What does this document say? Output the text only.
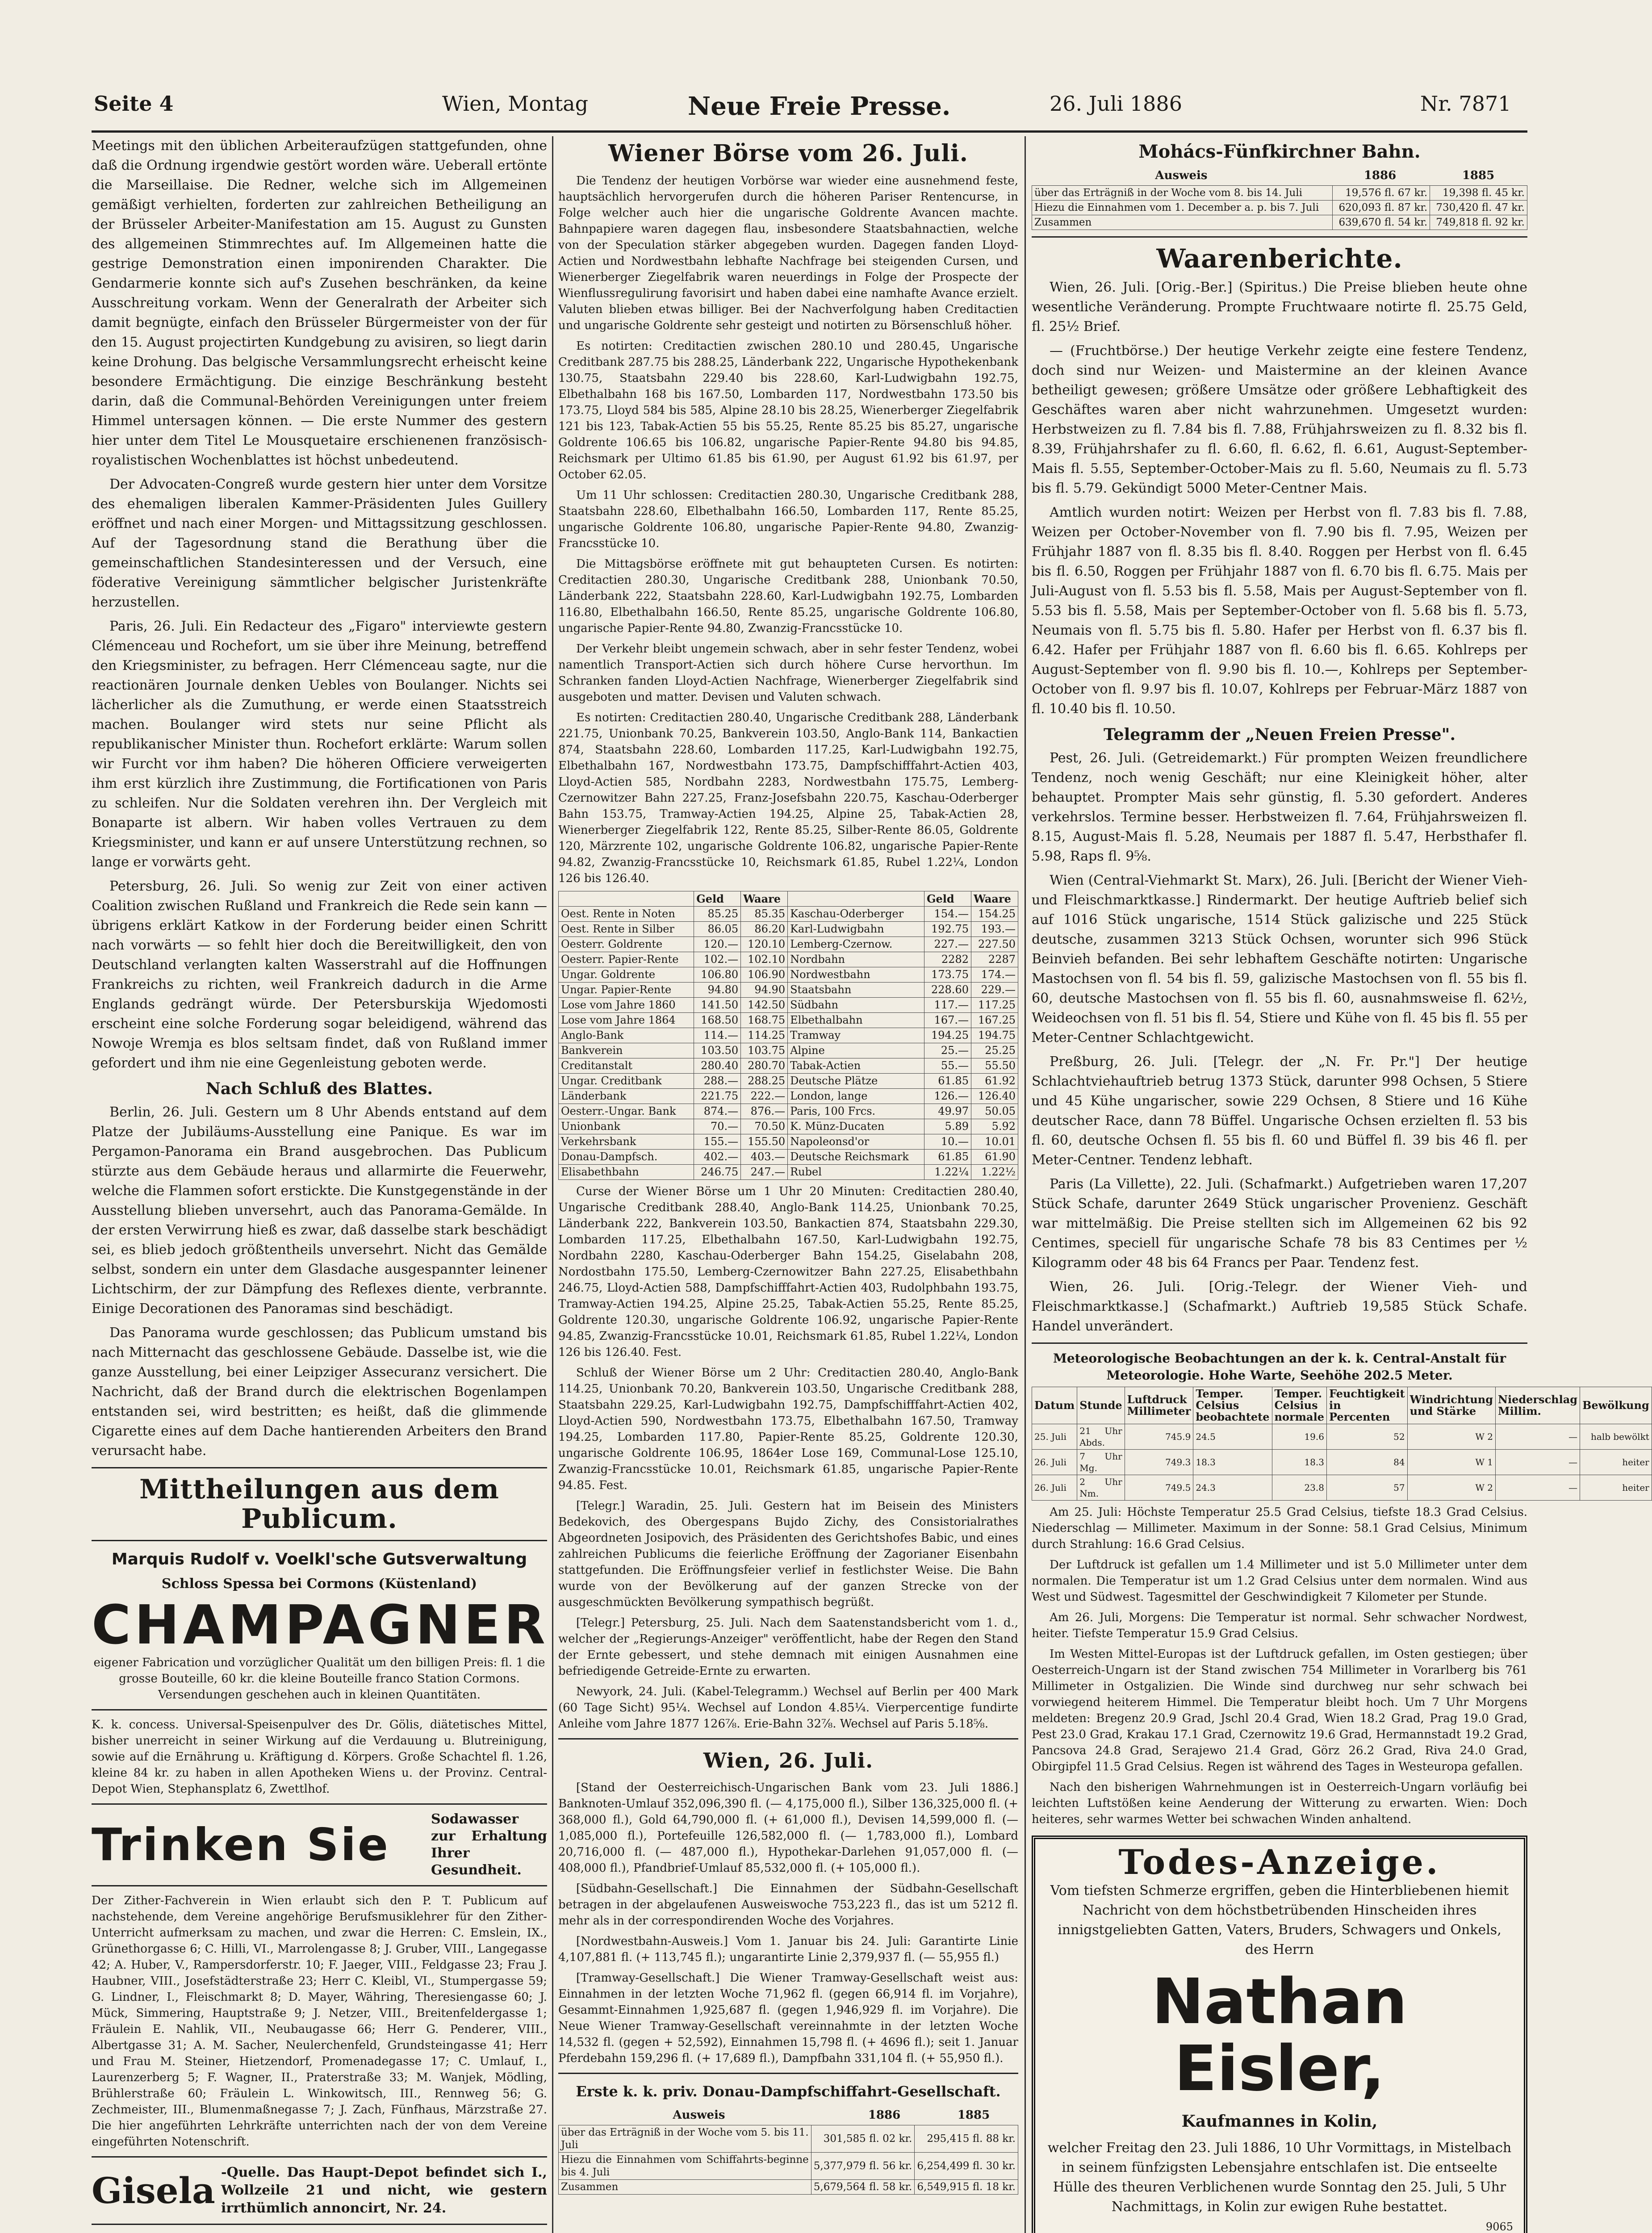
Seite 4	Wien, Montag	Neue Freie Presse.	26. Juli 1886	Nr. 7871

Meetings mit den üblichen Arbeiteraufzügen stattgefunden, ohne daß die Ordnung irgendwie gestört worden wäre. Ueberall ertönte die Marseillaise. Die Redner, welche sich im Allgemeinen gemäßigt verhielten, forderten zur zahlreichen Betheiligung an der Brüsseler Arbeiter-Manifestation am 15. August zu Gunsten des allgemeinen Stimmrechtes auf. Im Allgemeinen hatte die gestrige Demonstration einen imponirenden Charakter. Die Gendarmerie konnte sich auf's Zusehen beschränken, da keine Ausschreitung vorkam. Wenn der Generalrath der Arbeiter sich damit begnügte, einfach den Brüsseler Bürgermeister von der für den 15. August projectirten Kundgebung zu avisiren, so liegt darin keine Drohung. Das belgische Versammlungsrecht erheischt keine besondere Ermächtigung. Die einzige Beschränkung besteht darin, daß die Communal-Behörden Vereinigungen unter freiem Himmel untersagen können. — Die erste Nummer des gestern hier unter dem Titel Le Mousquetaire erschienenen französisch-royalistischen Wochenblattes ist höchst unbedeutend.

Der Advocaten-Congreß wurde gestern hier unter dem Vorsitze des ehemaligen liberalen Kammer-Präsidenten Jules Guillery eröffnet und nach einer Morgen- und Mittagssitzung geschlossen. Auf der Tagesordnung stand die Berathung über die gemeinschaftlichen Standesinteressen und der Versuch, eine föderative Vereinigung sämmtlicher belgischer Juristenkräfte herzustellen.

Paris, 26. Juli. Ein Redacteur des „Figaro" interviewte gestern Clémenceau und Rochefort, um sie über ihre Meinung, betreffend den Kriegsminister, zu befragen. Herr Clémenceau sagte, nur die reactionären Journale denken Uebles von Boulanger. Nichts sei lächerlicher als die Zumuthung, er werde einen Staatsstreich machen. Boulanger wird stets nur seine Pflicht als republikanischer Minister thun. Rochefort erklärte: Warum sollen wir Furcht vor ihm haben? Die höheren Officiere verweigerten ihm erst kürzlich ihre Zustimmung, die Fortificationen von Paris zu schleifen. Nur die Soldaten verehren ihn. Der Vergleich mit Bonaparte ist albern. Wir haben volles Vertrauen zu dem Kriegsminister, und kann er auf unsere Unterstützung rechnen, so lange er vorwärts geht.

Petersburg, 26. Juli. So wenig zur Zeit von einer activen Coalition zwischen Rußland und Frankreich die Rede sein kann — übrigens erklärt Katkow in der Forderung beider einen Schritt nach vorwärts — so fehlt hier doch die Bereitwilligkeit, den von Deutschland verlangten kalten Wasserstrahl auf die Hoffnungen Frankreichs zu richten, weil Frankreich dadurch in die Arme Englands gedrängt würde. Der Petersburskija Wjedomosti erscheint eine solche Forderung sogar beleidigend, während das Nowoje Wremja es blos seltsam findet, daß von Rußland immer gefordert und ihm nie eine Gegenleistung geboten werde.

Nach Schluß des Blattes.

Berlin, 26. Juli. Gestern um 8 Uhr Abends entstand auf dem Platze der Jubiläums-Ausstellung eine Panique. Es war im Pergamon-Panorama ein Brand ausgebrochen. Das Publicum stürzte aus dem Gebäude heraus und allarmirte die Feuerwehr, welche die Flammen sofort erstickte. Die Kunstgegenstände in der Ausstellung blieben unversehrt, auch das Panorama-Gemälde. In der ersten Verwirrung hieß es zwar, daß dasselbe stark beschädigt sei, es blieb jedoch größtentheils unversehrt. Nicht das Gemälde selbst, sondern ein unter dem Glasdache ausgespannter leinener Lichtschirm, der zur Dämpfung des Reflexes diente, verbrannte. Einige Decorationen des Panoramas sind beschädigt.

Das Panorama wurde geschlossen; das Publicum umstand bis nach Mitternacht das geschlossene Gebäude. Dasselbe ist, wie die ganze Ausstellung, bei einer Leipziger Assecuranz versichert. Die Nachricht, daß der Brand durch die elektrischen Bogenlampen entstanden sei, wird bestritten; es heißt, daß die glimmende Cigarette eines auf dem Dache hantierenden Arbeiters den Brand verursacht habe.

Mittheilungen aus dem Publicum.
Marquis Rudolf v. Voelkl'sche Gutsverwaltung
Schloss Spessa bei Cormons (Küstenland)
CHAMPAGNER
eigener Fabrication und vorzüglicher Qualität um den billigen Preis: fl. 1 die grosse Bouteille, 60 kr. die kleine Bouteille franco Station Cormons. Versendungen geschehen auch in kleinen Quantitäten.
K. k. concess. Universal-Speisenpulver des Dr. Gölis, diätetisches Mittel, bisher unerreicht in seiner Wirkung auf die Verdauung u. Blutreinigung, sowie auf die Ernährung u. Kräftigung d. Körpers. Große Schachtel fl. 1.26, kleine 84 kr. zu haben in allen Apotheken Wiens u. der Provinz. Central-Depot Wien, Stephansplatz 6, Zwettlhof.
Trinken Sie	Sodawasser zur Erhaltung Ihrer Gesundheit.
Der Zither-Fachverein in Wien erlaubt sich den P. T. Publicum auf nachstehende, dem Vereine angehörige Berufsmusiklehrer für den Zither-Unterricht aufmerksam zu machen, und zwar die Herren: C. Emslein, IX., Grünethorgasse 6; C. Hilli, VI., Marrolengasse 8; J. Gruber, VIII., Langegasse 42; A. Huber, V., Rampersdorferstr. 10; F. Jaeger, VIII., Feldgasse 23; Frau J. Haubner, VIII., Josefstädterstraße 23; Herr C. Kleibl, VI., Stumpergasse 59; G. Lindner, I., Fleischmarkt 8; D. Mayer, Währing, Theresiengasse 60; J. Mück, Simmering, Hauptstraße 9; J. Netzer, VIII., Breitenfeldergasse 1; Fräulein E. Nahlik, VII., Neubaugasse 66; Herr G. Penderer, VIII., Albertgasse 31; A. M. Sacher, Neulerchenfeld, Grundsteingasse 41; Herr und Frau M. Steiner, Hietzendorf, Promenadegasse 17; C. Umlauf, I., Laurenzerberg 5; F. Wagner, II., Praterstraße 33; M. Wanjek, Mödling, Brühlerstraße 60; Fräulein L. Winkowitsch, III., Rennweg 56; G. Zechmeister, III., Blumenmaßnegasse 7; J. Zach, Fünfhaus, Märzstraße 27. Die hier angeführten Lehrkräfte unterrichten nach der von dem Vereine eingeführten Notenschrift.
Gisela -Quelle. Das Haupt-Depot befindet sich I., Wollzeile 21 und nicht, wie gestern irrthümlich annoncirt, Nr. 24.
Wiener Börse vom 26. Juli.

Die Tendenz der heutigen Vorbörse war wieder eine ausnehmend feste, hauptsächlich hervorgerufen durch die höheren Pariser Rentencurse, in Folge welcher auch hier die ungarische Goldrente Avancen machte. Bahnpapiere waren dagegen flau, insbesondere Staatsbahnactien, welche von der Speculation stärker abgegeben wurden. Dagegen fanden Lloyd-Actien und Nordwestbahn lebhafte Nachfrage bei steigenden Cursen, und Wienerberger Ziegelfabrik waren neuerdings in Folge der Prospecte der Wienflussregulirung favorisirt und haben dabei eine namhafte Avance erzielt. Valuten blieben etwas billiger. Bei der Nachverfolgung haben Creditactien und ungarische Goldrente sehr gesteigt und notirten zu Börsenschluß höher.

Es notirten: Creditactien zwischen 280.10 und 280.45, Ungarische Creditbank 287.75 bis 288.25, Länderbank 222, Ungarische Hypothekenbank 130.75, Staatsbahn 229.40 bis 228.60, Karl-Ludwigbahn 192.75, Elbethalbahn 168 bis 167.50, Lombarden 117, Nordwestbahn 173.50 bis 173.75, Lloyd 584 bis 585, Alpine 28.10 bis 28.25, Wienerberger Ziegelfabrik 121 bis 123, Tabak-Actien 55 bis 55.25, Rente 85.25 bis 85.27, ungarische Goldrente 106.65 bis 106.82, ungarische Papier-Rente 94.80 bis 94.85, Reichsmark per Ultimo 61.85 bis 61.90, per August 61.92 bis 61.97, per October 62.05.

Um 11 Uhr schlossen: Creditactien 280.30, Ungarische Creditbank 288, Staatsbahn 228.60, Elbethalbahn 166.50, Lombarden 117, Rente 85.25, ungarische Goldrente 106.80, ungarische Papier-Rente 94.80, Zwanzig-Francsstücke 10.

Die Mittagsbörse eröffnete mit gut behaupteten Cursen. Es notirten: Creditactien 280.30, Ungarische Creditbank 288, Unionbank 70.50, Länderbank 222, Staatsbahn 228.60, Karl-Ludwigbahn 192.75, Lombarden 116.80, Elbethalbahn 166.50, Rente 85.25, ungarische Goldrente 106.80, ungarische Papier-Rente 94.80, Zwanzig-Francsstücke 10.

Der Verkehr bleibt ungemein schwach, aber in sehr fester Tendenz, wobei namentlich Transport-Actien sich durch höhere Curse hervorthun. Im Schranken fanden Lloyd-Actien Nachfrage, Wienerberger Ziegelfabrik sind ausgeboten und matter. Devisen und Valuten schwach.

Es notirten: Creditactien 280.40, Ungarische Creditbank 288, Länderbank 221.75, Unionbank 70.25, Bankverein 103.50, Anglo-Bank 114, Bankactien 874, Staatsbahn 228.60, Lombarden 117.25, Karl-Ludwigbahn 192.75, Elbethalbahn 167, Nordwestbahn 173.75, Dampfschifffahrt-Actien 403, Lloyd-Actien 585, Nordbahn 2283, Nordwestbahn 175.75, Lemberg-Czernowitzer Bahn 227.25, Franz-Josefsbahn 220.75, Kaschau-Oderberger Bahn 153.75, Tramway-Actien 194.25, Alpine 25, Tabak-Actien 28, Wienerberger Ziegelfabrik 122, Rente 85.25, Silber-Rente 86.05, Goldrente 120, Märzrente 102, ungarische Goldrente 106.82, ungarische Papier-Rente 94.82, Zwanzig-Francsstücke 10, Reichsmark 61.85, Rubel 1.22¼, London 126 bis 126.40.

	Geld	Waare		Geld	Waare
Oest. Rente in Noten	85.25	85.35	Kaschau-Oderberger	154.—	154.25
Oest. Rente in Silber	86.05	86.20	Karl-Ludwigbahn	192.75	193.—
Oesterr. Goldrente	120.—	120.10	Lemberg-Czernow.	227.—	227.50
Oesterr. Papier-Rente	102.—	102.10	Nordbahn	2282	2287
Ungar. Goldrente	106.80	106.90	Nordwestbahn	173.75	174.—
Ungar. Papier-Rente	94.80	94.90	Staatsbahn	228.60	229.—
Lose vom Jahre 1860	141.50	142.50	Südbahn	117.—	117.25
Lose vom Jahre 1864	168.50	168.75	Elbethalbahn	167.—	167.25
Anglo-Bank	114.—	114.25	Tramway	194.25	194.75
Bankverein	103.50	103.75	Alpine	25.—	25.25
Creditanstalt	280.40	280.70	Tabak-Actien	55.—	55.50
Ungar. Creditbank	288.—	288.25	Deutsche Plätze	61.85	61.92
Länderbank	221.75	222.—	London, lange	126.—	126.40
Oesterr.-Ungar. Bank	874.—	876.—	Paris, 100 Frcs.	49.97	50.05
Unionbank	70.—	70.50	K. Münz-Ducaten	5.89	5.92
Verkehrsbank	155.—	155.50	Napoleonsd'or	10.—	10.01
Donau-Dampfsch.	402.—	403.—	Deutsche Reichsmark	61.85	61.90
Elisabethbahn	246.75	247.—	Rubel	1.22¼	1.22½

Curse der Wiener Börse um 1 Uhr 20 Minuten: Creditactien 280.40, Ungarische Creditbank 288.40, Anglo-Bank 114.25, Unionbank 70.25, Länderbank 222, Bankverein 103.50, Bankactien 874, Staatsbahn 229.30, Lombarden 117.25, Elbethalbahn 167.50, Karl-Ludwigbahn 192.75, Nordbahn 2280, Kaschau-Oderberger Bahn 154.25, Giselabahn 208, Nordostbahn 175.50, Lemberg-Czernowitzer Bahn 227.25, Elisabethbahn 246.75, Lloyd-Actien 588, Dampfschifffahrt-Actien 403, Rudolphbahn 193.75, Tramway-Actien 194.25, Alpine 25.25, Tabak-Actien 55.25, Rente 85.25, Goldrente 120.30, ungarische Goldrente 106.92, ungarische Papier-Rente 94.85, Zwanzig-Francsstücke 10.01, Reichsmark 61.85, Rubel 1.22¼, London 126 bis 126.40. Fest.

Schluß der Wiener Börse um 2 Uhr: Creditactien 280.40, Anglo-Bank 114.25, Unionbank 70.20, Bankverein 103.50, Ungarische Creditbank 288, Staatsbahn 229.25, Karl-Ludwigbahn 192.75, Dampfschifffahrt-Actien 402, Lloyd-Actien 590, Nordwestbahn 173.75, Elbethalbahn 167.50, Tramway 194.25, Lombarden 117.80, Papier-Rente 85.25, Goldrente 120.30, ungarische Goldrente 106.95, 1864er Lose 169, Communal-Lose 125.10, Zwanzig-Francsstücke 10.01, Reichsmark 61.85, ungarische Papier-Rente 94.85. Fest.

[Telegr.] Waradin, 25. Juli. Gestern hat im Beisein des Ministers Bedekovich, des Obergespans Bujdo Zichy, des Consistorialrathes Abgeordneten Josipovich, des Präsidenten des Gerichtshofes Babic, und eines zahlreichen Publicums die feierliche Eröffnung der Zagorianer Eisenbahn stattgefunden. Die Eröffnungsfeier verlief in festlichster Weise. Die Bahn wurde von der Bevölkerung auf der ganzen Strecke von der ausgeschmückten Bevölkerung sympathisch begrüßt.

[Telegr.] Petersburg, 25. Juli. Nach dem Saatenstandsbericht vom 1. d., welcher der „Regierungs-Anzeiger" veröffentlicht, habe der Regen den Stand der Ernte gebessert, und stehe demnach mit einigen Ausnahmen eine befriedigende Getreide-Ernte zu erwarten.

Newyork, 24. Juli. (Kabel-Telegramm.) Wechsel auf Berlin per 400 Mark (60 Tage Sicht) 95¼. Wechsel auf London 4.85¼. Vierpercentige fundirte Anleihe vom Jahre 1877 126⅞. Erie-Bahn 32⅞. Wechsel auf Paris 5.18⅝.

Wien, 26. Juli.

[Stand der Oesterreichisch-Ungarischen Bank vom 23. Juli 1886.] Banknoten-Umlauf 352,096,390 fl. (— 4,175,000 fl.), Silber 136,325,000 fl. (+ 368,000 fl.), Gold 64,790,000 fl. (+ 61,000 fl.), Devisen 14,599,000 fl. (— 1,085,000 fl.), Portefeuille 126,582,000 fl. (— 1,783,000 fl.), Lombard 20,716,000 fl. (— 487,000 fl.), Hypothekar-Darlehen 91,057,000 fl. (— 408,000 fl.), Pfandbrief-Umlauf 85,532,000 fl. (+ 105,000 fl.).

[Südbahn-Gesellschaft.] Die Einnahmen der Südbahn-Gesellschaft betragen in der abgelaufenen Ausweiswoche 753,223 fl., das ist um 5212 fl. mehr als in der correspondirenden Woche des Vorjahres.

[Nordwestbahn-Ausweis.] Vom 1. Januar bis 24. Juli: Garantirte Linie 4,107,881 fl. (+ 113,745 fl.); ungarantirte Linie 2,379,937 fl. (— 55,955 fl.)

[Tramway-Gesellschaft.] Die Wiener Tramway-Gesellschaft weist aus: Einnahmen in der letzten Woche 71,962 fl. (gegen 66,914 fl. im Vorjahre), Gesammt-Einnahmen 1,925,687 fl. (gegen 1,946,929 fl. im Vorjahre). Die Neue Wiener Tramway-Gesellschaft vereinnahmte in der letzten Woche 14,532 fl. (gegen + 52,592), Einnahmen 15,798 fl. (+ 4696 fl.); seit 1. Januar Pferdebahn 159,296 fl. (+ 17,689 fl.), Dampfbahn 331,104 fl. (+ 55,950 fl.).

Erste k. k. priv. Donau-Dampfschiffahrt-Gesellschaft.
Ausweis	1886	1885
über das Erträgniß in der Woche vom 5. bis 11. Juli	301,585 fl. 02 kr.	295,415 fl. 88 kr.
Hiezu die Einnahmen vom Schiffahrts-beginne bis 4. Juli	5,377,979 fl. 56 kr.	6,254,499 fl. 30 kr.
Zusammen	5,679,564 fl. 58 kr.	6,549,915 fl. 18 kr.
Mohács-Fünfkirchner Bahn.
Ausweis	1886	1885
über das Erträgniß in der Woche vom 8. bis 14. Juli	19,576 fl. 67 kr.	19,398 fl. 45 kr.
Hiezu die Einnahmen vom 1. December a. p. bis 7. Juli	620,093 fl. 87 kr.	730,420 fl. 47 kr.
Zusammen	639,670 fl. 54 kr.	749,818 fl. 92 kr.
Waarenberichte.

Wien, 26. Juli. [Orig.-Ber.] (Spiritus.) Die Preise blieben heute ohne wesentliche Veränderung. Prompte Fruchtwaare notirte fl. 25.75 Geld, fl. 25½ Brief.

— (Fruchtbörse.) Der heutige Verkehr zeigte eine festere Tendenz, doch sind nur Weizen- und Maistermine an der kleinen Avance betheiligt gewesen; größere Umsätze oder größere Lebhaftigkeit des Geschäftes waren aber nicht wahrzunehmen. Umgesetzt wurden: Herbstweizen zu fl. 7.84 bis fl. 7.88, Frühjahrsweizen zu fl. 8.32 bis fl. 8.39, Frühjahrshafer zu fl. 6.60, fl. 6.62, fl. 6.61, August-September-Mais fl. 5.55, September-October-Mais zu fl. 5.60, Neumais zu fl. 5.73 bis fl. 5.79. Gekündigt 5000 Meter-Centner Mais.

Amtlich wurden notirt: Weizen per Herbst von fl. 7.83 bis fl. 7.88, Weizen per October-November von fl. 7.90 bis fl. 7.95, Weizen per Frühjahr 1887 von fl. 8.35 bis fl. 8.40. Roggen per Herbst von fl. 6.45 bis fl. 6.50, Roggen per Frühjahr 1887 von fl. 6.70 bis fl. 6.75. Mais per Juli-August von fl. 5.53 bis fl. 5.58, Mais per August-September von fl. 5.53 bis fl. 5.58, Mais per September-October von fl. 5.68 bis fl. 5.73, Neumais von fl. 5.75 bis fl. 5.80. Hafer per Herbst von fl. 6.37 bis fl. 6.42. Hafer per Frühjahr 1887 von fl. 6.60 bis fl. 6.65. Kohlreps per August-September von fl. 9.90 bis fl. 10.—, Kohlreps per September-October von fl. 9.97 bis fl. 10.07, Kohlreps per Februar-März 1887 von fl. 10.40 bis fl. 10.50.

Telegramm der „Neuen Freien Presse".

Pest, 26. Juli. (Getreidemarkt.) Für prompten Weizen freundlichere Tendenz, noch wenig Geschäft; nur eine Kleinigkeit höher, alter behauptet. Prompter Mais sehr günstig, fl. 5.30 gefordert. Anderes verkehrslos. Termine besser. Herbstweizen fl. 7.64, Frühjahrsweizen fl. 8.15, August-Mais fl. 5.28, Neumais per 1887 fl. 5.47, Herbsthafer fl. 5.98, Raps fl. 9⅝.

Wien (Central-Viehmarkt St. Marx), 26. Juli. [Bericht der Wiener Vieh- und Fleischmarktkasse.] Rindermarkt. Der heutige Auftrieb belief sich auf 1016 Stück ungarische, 1514 Stück galizische und 225 Stück deutsche, zusammen 3213 Stück Ochsen, worunter sich 996 Stück Beinvieh befanden. Bei sehr lebhaftem Geschäfte notirten: Ungarische Mastochsen von fl. 54 bis fl. 59, galizische Mastochsen von fl. 55 bis fl. 60, deutsche Mastochsen von fl. 55 bis fl. 60, ausnahmsweise fl. 62½, Weideochsen von fl. 51 bis fl. 54, Stiere und Kühe von fl. 45 bis fl. 55 per Meter-Centner Schlachtgewicht.

Preßburg, 26. Juli. [Telegr. der „N. Fr. Pr."] Der heutige Schlachtviehauftrieb betrug 1373 Stück, darunter 998 Ochsen, 5 Stiere und 45 Kühe ungarischer, sowie 229 Ochsen, 8 Stiere und 16 Kühe deutscher Race, dann 78 Büffel. Ungarische Ochsen erzielten fl. 53 bis fl. 60, deutsche Ochsen fl. 55 bis fl. 60 und Büffel fl. 39 bis 46 fl. per Meter-Centner. Tendenz lebhaft.

Paris (La Villette), 22. Juli. (Schafmarkt.) Aufgetrieben waren 17,207 Stück Schafe, darunter 2649 Stück ungarischer Provenienz. Geschäft war mittelmäßig. Die Preise stellten sich im Allgemeinen 62 bis 92 Centimes, speciell für ungarische Schafe 78 bis 83 Centimes per ½ Kilogramm oder 48 bis 64 Francs per Paar. Tendenz fest.

Wien, 26. Juli. [Orig.-Telegr. der Wiener Vieh- und Fleischmarktkasse.] (Schafmarkt.) Auftrieb 19,585 Stück Schafe. Handel unverändert.

Meteorologische Beobachtungen an der k. k. Central-Anstalt für Meteorologie. Hohe Warte, Seehöhe 202.5 Meter.
Datum	Stunde	Luftdruck Millimeter	Temper. Celsius beobachtete	Temper. Celsius normale	Feuchtigkeit in Percenten	Windrichtung und Stärke	Niederschlag Millim.	Bewölkung
25. Juli	21 Uhr Abds.	745.9	24.5	19.6	52	W 2	—	halb bewölkt
26. Juli	7 Uhr Mg.	749.3	18.3	18.3	84	W 1	—	heiter
26. Juli	2 Uhr Nm.	749.5	24.3	23.8	57	W 2	—	heiter

Am 25. Juli: Höchste Temperatur 25.5 Grad Celsius, tiefste 18.3 Grad Celsius. Niederschlag — Millimeter. Maximum in der Sonne: 58.1 Grad Celsius, Minimum durch Strahlung: 16.6 Grad Celsius.

Der Luftdruck ist gefallen um 1.4 Millimeter und ist 5.0 Millimeter unter dem normalen. Die Temperatur ist um 1.2 Grad Celsius unter dem normalen. Wind aus West und Südwest. Tagesmittel der Geschwindigkeit 7 Kilometer per Stunde.

Am 26. Juli, Morgens: Die Temperatur ist normal. Sehr schwacher Nordwest, heiter. Tiefste Temperatur 15.9 Grad Celsius.

Im Westen Mittel-Europas ist der Luftdruck gefallen, im Osten gestiegen; über Oesterreich-Ungarn ist der Stand zwischen 754 Millimeter in Vorarlberg bis 761 Millimeter in Ostgalizien. Die Winde sind durchweg nur sehr schwach bei vorwiegend heiterem Himmel. Die Temperatur bleibt hoch. Um 7 Uhr Morgens meldeten: Bregenz 20.9 Grad, Jschl 20.4 Grad, Wien 18.2 Grad, Prag 19.0 Grad, Pest 23.0 Grad, Krakau 17.1 Grad, Czernowitz 19.6 Grad, Hermannstadt 19.2 Grad, Pancsova 24.8 Grad, Serajewo 21.4 Grad, Görz 26.2 Grad, Riva 24.0 Grad, Obirgipfel 11.5 Grad Celsius. Regen ist während des Tages in Westeuropa gefallen.

Nach den bisherigen Wahrnehmungen ist in Oesterreich-Ungarn vorläufig bei leichten Luftstößen keine Aenderung der Witterung zu erwarten. Wien: Doch heiteres, sehr warmes Wetter bei schwachen Winden anhaltend.

Todes-Anzeige.
Vom tiefsten Schmerze ergriffen, geben die Hinterbliebenen hiemit Nachricht von dem höchstbetrübenden Hinscheiden ihres innigstgeliebten Gatten, Vaters, Bruders, Schwagers und Onkels, des Herrn
Nathan Eisler,
Kaufmannes in Kolin,
welcher Freitag den 23. Juli 1886, 10 Uhr Vormittags, in Mistelbach in seinem fünfzigsten Lebensjahre entschlafen ist. Die entseelte Hülle des theuren Verblichenen wurde Sonntag den 25. Juli, 5 Uhr Nachmittags, in Kolin zur ewigen Ruhe bestattet.
9065
